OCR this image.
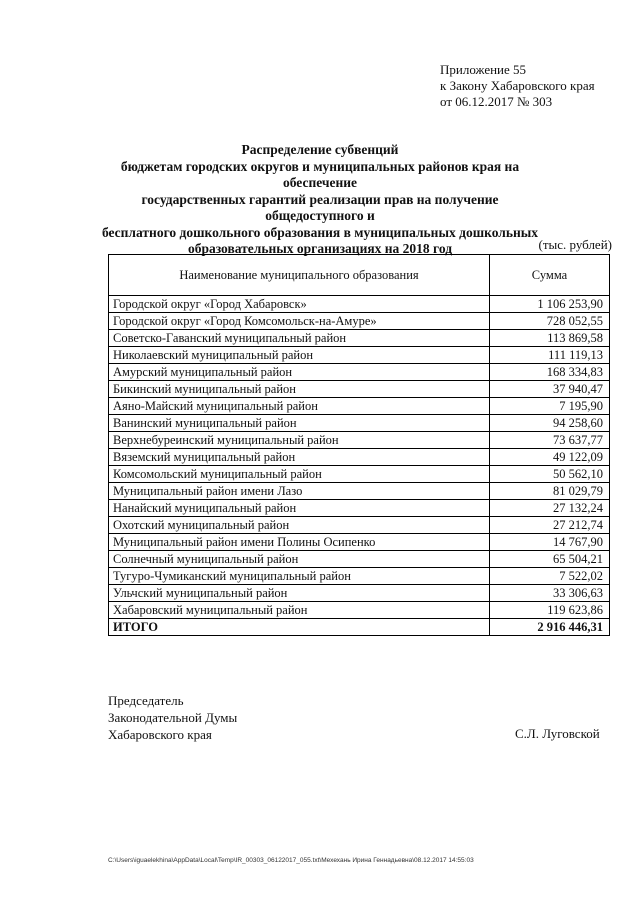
Приложение 55
к Закону Хабаровского края
от 06.12.2017 № 303
Распределение субвенций
бюджетам городских округов и муниципальных районов края на обеспечение
государственных гарантий реализации прав на получение общедоступного и
бесплатного дошкольного образования в муниципальных дошкольных
образовательных организациях на 2018 год	(тыс. рублей)
Наименование муниципального образования	Сумма
Городской округ «Город Хабаровск»	1 106 253,90
Городской округ «Город Комсомольск-на-Амуре»	728 052,55
Советско-Гаванский муниципальный район	113 869,58
Николаевский муниципальный район	111 119,13
Амурский муниципальный район	168 334,83
Бикинский муниципальный район	37 940,47
Аяно-Майский муниципальный район	7 195,90
Ванинский муниципальный район	94 258,60
Верхнебуреинский муниципальный район	73 637,77
Вяземский муниципальный район	49 122,09
Комсомольский муниципальный район	50 562,10
Муниципальный район имени Лазо	81 029,79
Нанайский муниципальный район	27 132,24
Охотский муниципальный район	27 212,74
Муниципальный район имени Полины Осипенко	14 767,90
Солнечный муниципальный район	65 504,21
Тугуро-Чумиканский муниципальный район	7 522,02
Ульчский муниципальный район	33 306,63
Хабаровский муниципальный район	119 623,86
ИТОГО	2 916 446,31
Председатель
Законодательной Думы
Хабаровского края	С.Л. Луговской
C:\Users\iguaelekhina\AppData\Local\Temp\IR_00303_06122017_055.txt\Мехехань Ирина Геннадьевна\08.12.2017 14:55:03
